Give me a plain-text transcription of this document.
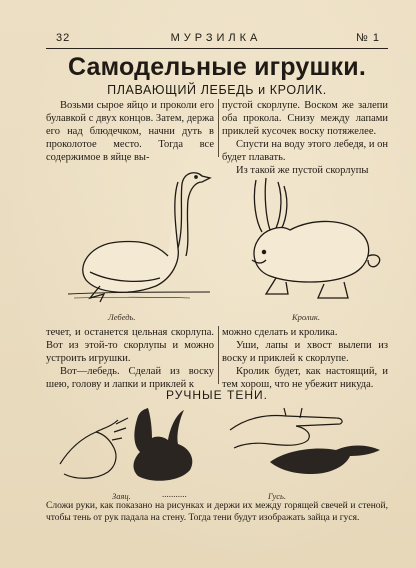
32	МУРЗИЛКА	№ 1
Самодельные игрушки.
ПЛАВАЮЩИЙ ЛЕБЕДЬ и КРОЛИК.

Возьми сырое яйцо и проколи его булавкой с двух концов. Затем, держа его над блюдечком, начни дуть в проколотое место. Тогда все содержимое в яйце вы-

пустой скорлупе. Воском же залепи оба прокола. Снизу между лапами приклей кусочек воску потяжелее.

Спусти на воду этого лебедя, и он будет плавать.

Из такой же пустой скорлупы

Лебедь.	Кролик.

течет, и останется цельная скорлупа. Вот из этой-то скорлупы и можно устроить игрушки.

Вот—лебедь. Сделай из воску шею, голову и лапки и приклей к

можно сделать и кролика.

Уши, лапы и хвост вылепи из воску и приклей к скорлупе.

Кролик будет, как настоящий, и тем хорош, что не убежит никуда.

РУЧНЫЕ ТЕНИ.
Заяц.	...........	Гусь.
Сложи руки, как показано на рисунках и держи их между горящей свечей и стеной, чтобы тень от рук падала на стену. Тогда тени будут изображать зайца и гуся.
